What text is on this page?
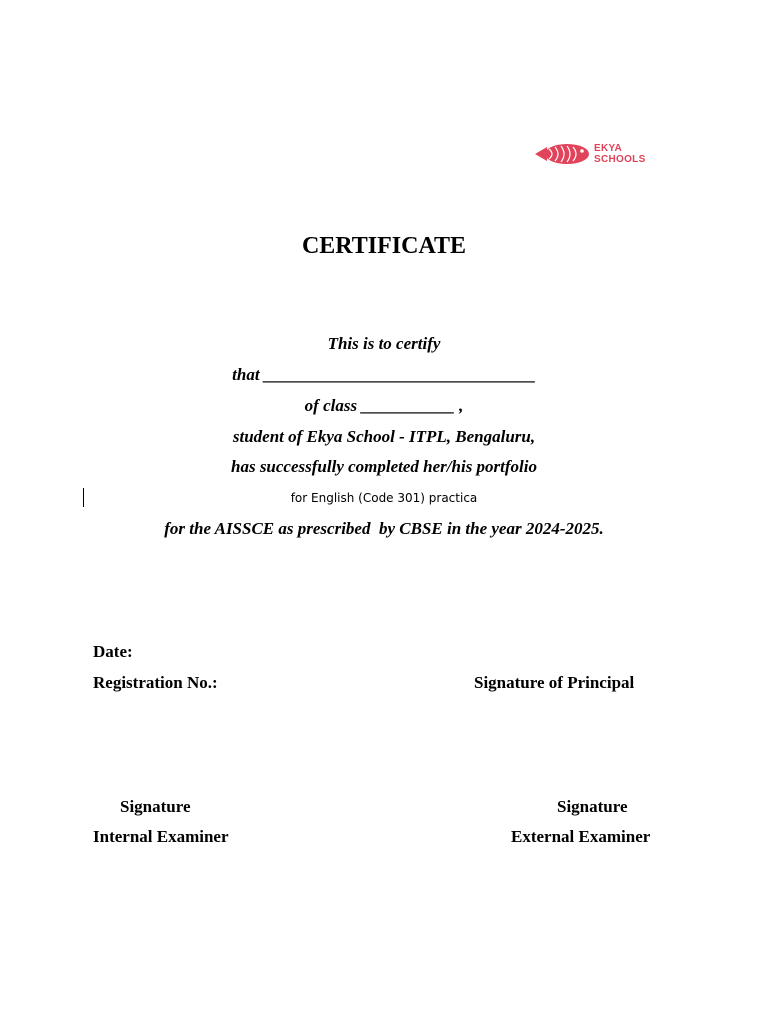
EKYA
SCHOOLS
CERTIFICATE
This is to certify
that ________________________________
of class ___________ ,
student of Ekya School - ITPL, Bengaluru,
has successfully completed her/his portfolio
for English (Code 301) practica
for the AISSCE as prescribed  by CBSE in the year 2024-2025.
Date:
Registration No.:	Signature of Principal
Signature
Internal Examiner
Signature
External Examiner
